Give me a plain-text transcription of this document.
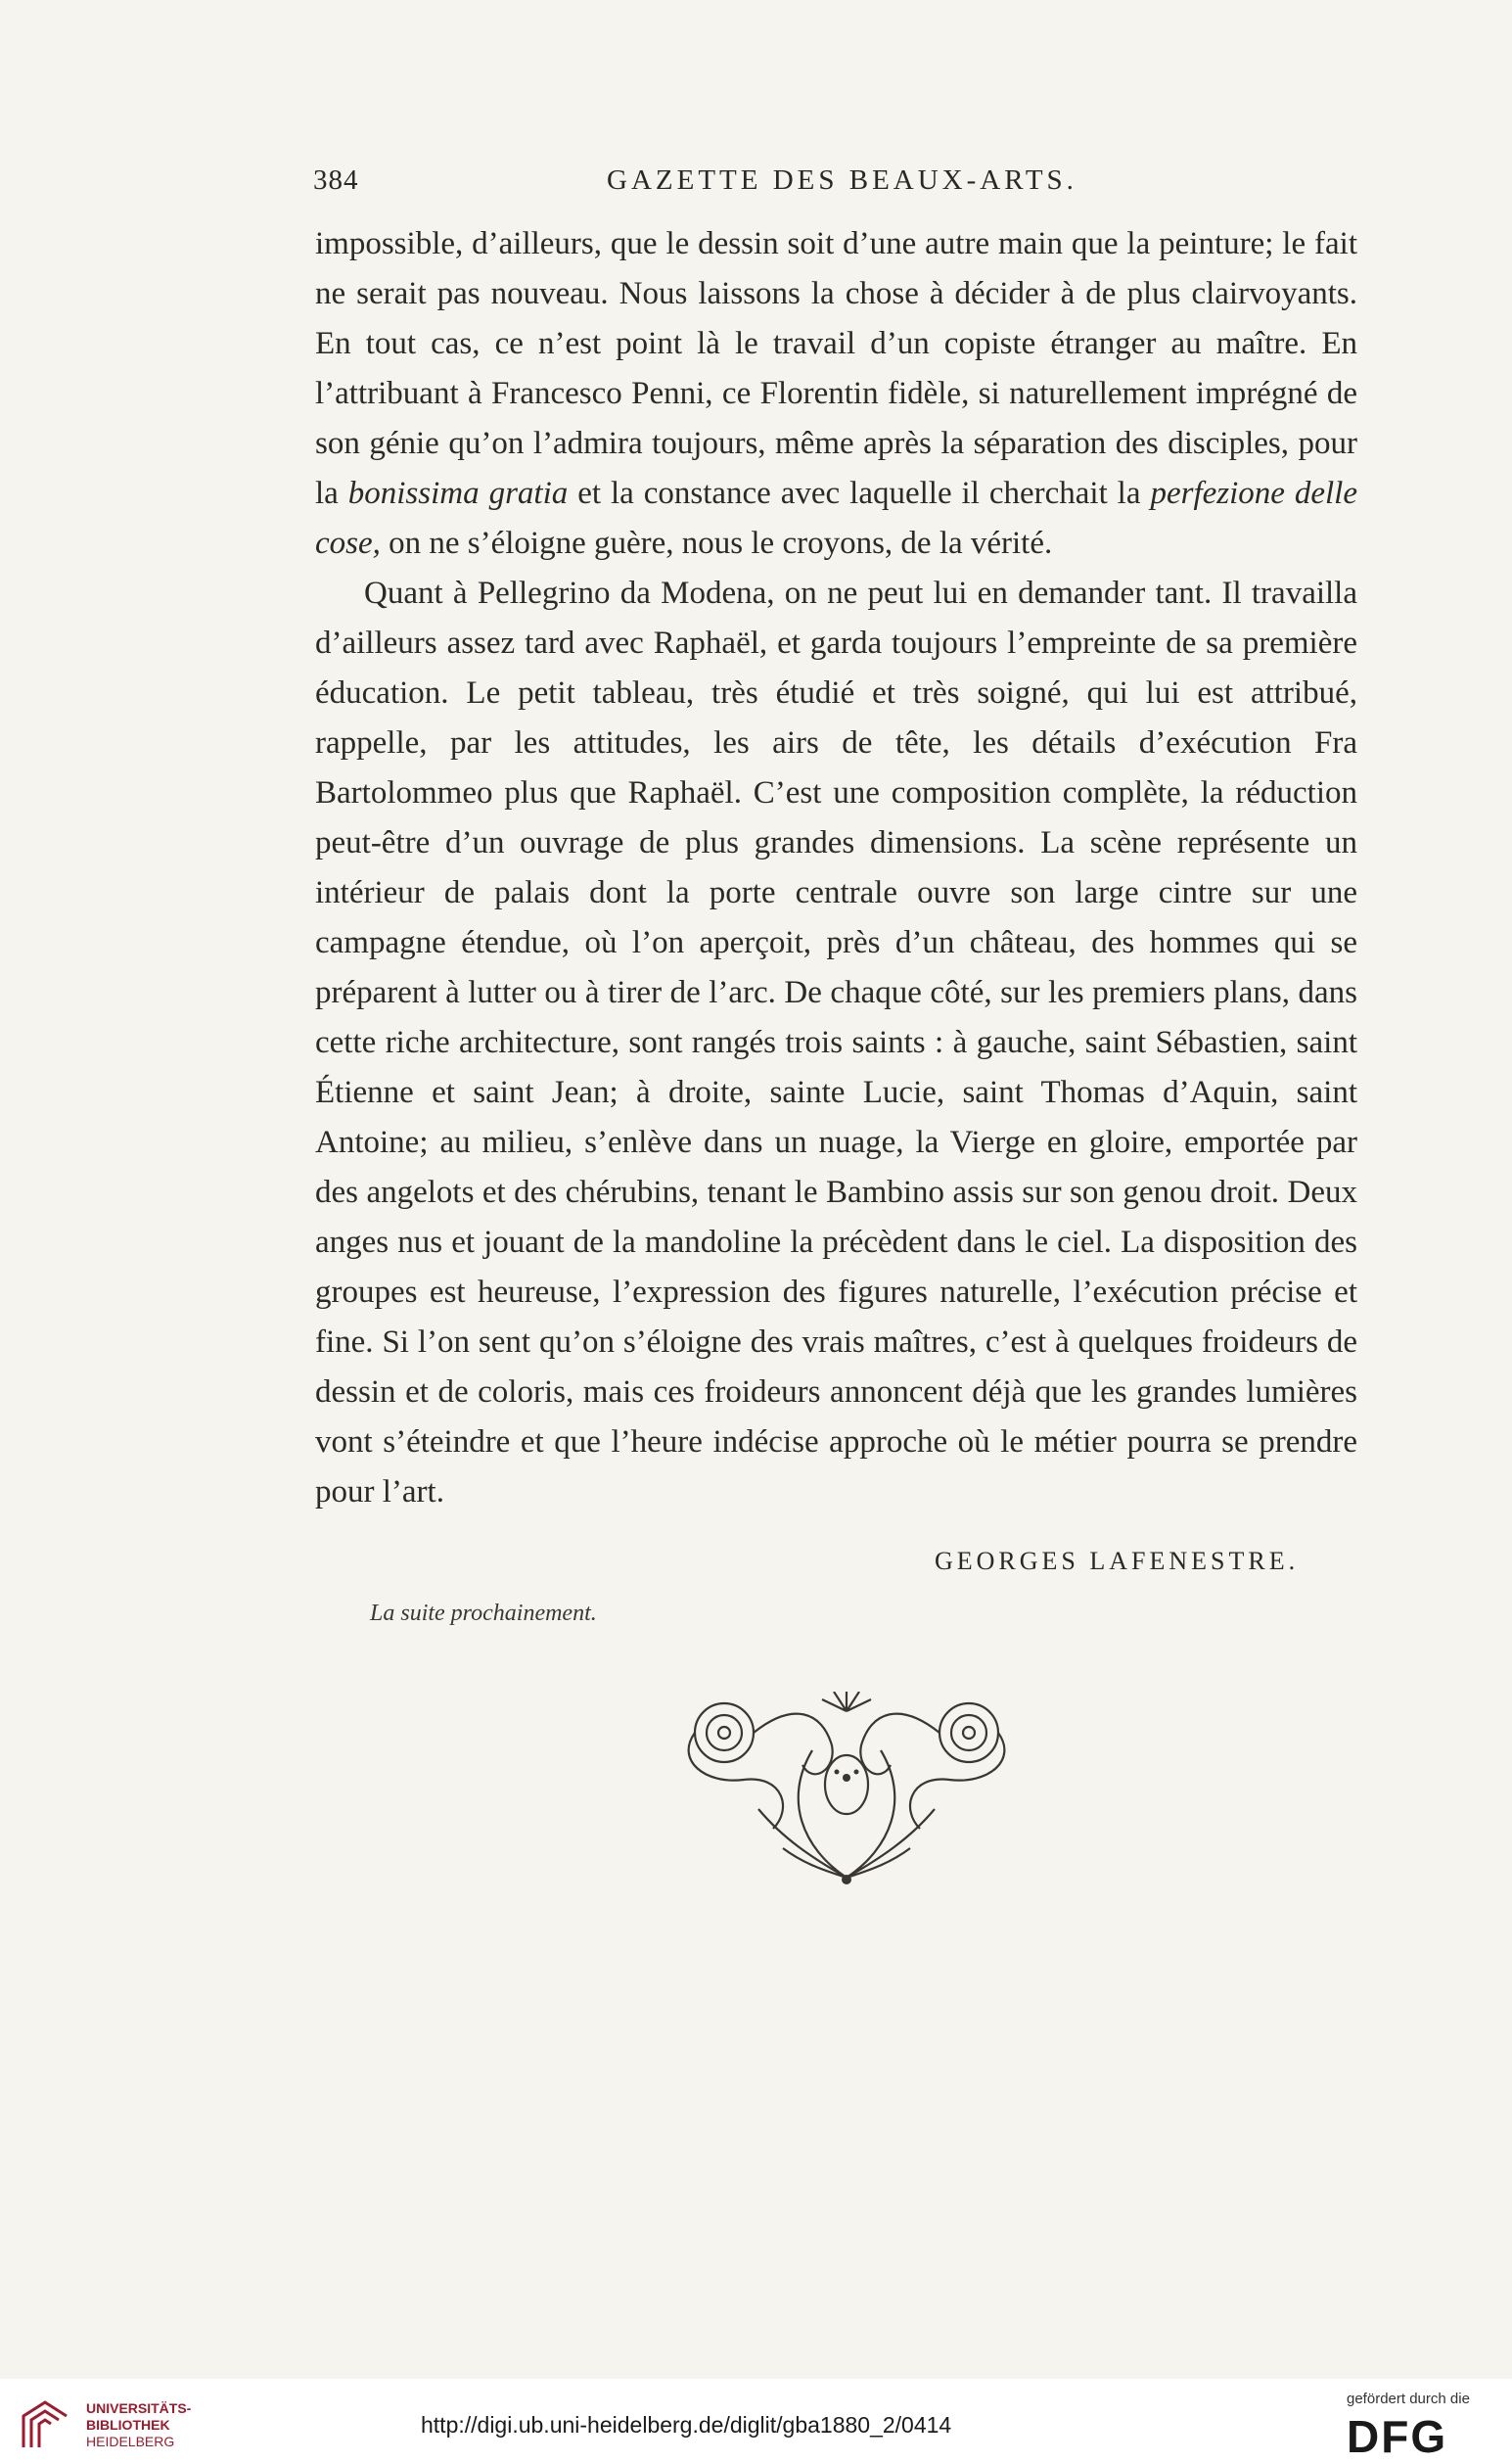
384	GAZETTE DES BEAUX-ARTS.

impossible, d’ailleurs, que le dessin soit d’une autre main que la peinture; le fait ne serait pas nouveau. Nous laissons la chose à décider à de plus clairvoyants. En tout cas, ce n’est point là le travail d’un copiste étranger au maître. En l’attribuant à Francesco Penni, ce Florentin fidèle, si naturellement imprégné de son génie qu’on l’admira toujours, même après la séparation des disciples, pour la bonissima gratia et la constance avec laquelle il cherchait la perfezione delle cose, on ne s’éloigne guère, nous le croyons, de la vérité.

Quant à Pellegrino da Modena, on ne peut lui en demander tant. Il travailla d’ailleurs assez tard avec Raphaël, et garda toujours l’empreinte de sa première éducation. Le petit tableau, très étudié et très soigné, qui lui est attribué, rappelle, par les attitudes, les airs de tête, les détails d’exécution Fra Bartolommeo plus que Raphaël. C’est une composition complète, la réduction peut-être d’un ouvrage de plus grandes dimensions. La scène représente un intérieur de palais dont la porte centrale ouvre son large cintre sur une campagne étendue, où l’on aperçoit, près d’un château, des hommes qui se préparent à lutter ou à tirer de l’arc. De chaque côté, sur les premiers plans, dans cette riche architecture, sont rangés trois saints : à gauche, saint Sébastien, saint Étienne et saint Jean; à droite, sainte Lucie, saint Thomas d’Aquin, saint Antoine; au milieu, s’enlève dans un nuage, la Vierge en gloire, emportée par des angelots et des chérubins, tenant le Bambino assis sur son genou droit. Deux anges nus et jouant de la mandoline la précèdent dans le ciel. La disposition des groupes est heureuse, l’expression des figures naturelle, l’exécution précise et fine. Si l’on sent qu’on s’éloigne des vrais maîtres, c’est à quelques froideurs de dessin et de coloris, mais ces froideurs annoncent déjà que les grandes lumières vont s’éteindre et que l’heure indécise approche où le métier pourra se prendre pour l’art.

GEORGES LAFENESTRE.
La suite prochainement.
UNIVERSITÄTS-
BIBLIOTHEK
HEIDELBERG
http://digi.ub.uni-heidelberg.de/diglit/gba1880_2/0414
gefördert durch die
DFG
